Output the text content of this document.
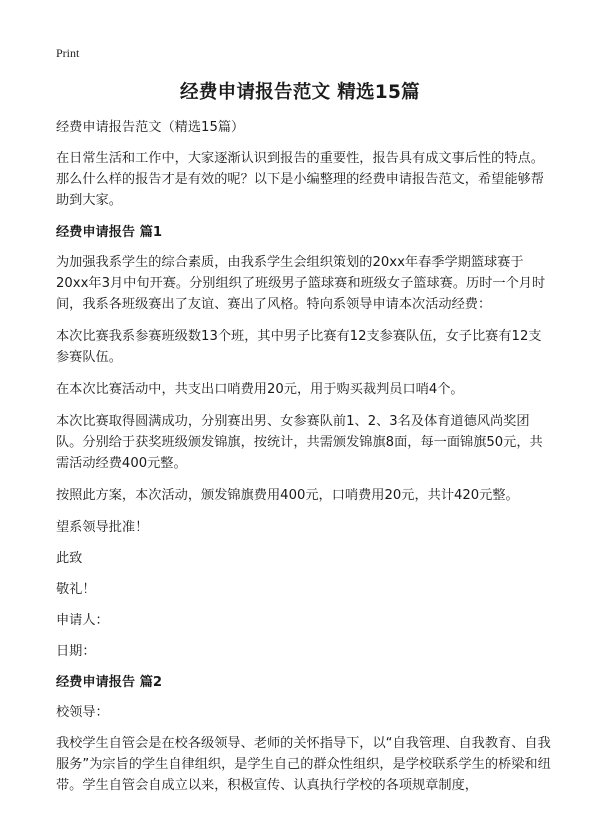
Print
经费申请报告范文 精选15篇

经费申请报告范文（精选15篇）

在日常生活和工作中，大家逐渐认识到报告的重要性，报告具有成文事后性的特点。那么什么样的报告才是有效的呢？以下是小编整理的经费申请报告范文，希望能够帮助到大家。

经费申请报告 篇1

为加强我系学生的综合素质，由我系学生会组织策划的20xx年春季学期篮球赛于20xx年3月中旬开赛。分别组织了班级男子篮球赛和班级女子篮球赛。历时一个月时间，我系各班级赛出了友谊、赛出了风格。特向系领导申请本次活动经费：

本次比赛我系参赛班级数13个班，其中男子比赛有12支参赛队伍，女子比赛有12支参赛队伍。

在本次比赛活动中，共支出口哨费用20元，用于购买裁判员口哨4个。

本次比赛取得圆满成功，分别赛出男、女参赛队前1、2、3名及体育道德风尚奖团队。分别给于获奖班级颁发锦旗，按统计，共需颁发锦旗8面，每一面锦旗50元，共需活动经费400元整。

按照此方案，本次活动，颁发锦旗费用400元，口哨费用20元，共计420元整。

望系领导批准！

此致

敬礼！

申请人：

日期：

经费申请报告 篇2

校领导：

我校学生自管会是在校各级领导、老师的关怀指导下，以“自我管理、自我教育、自我服务”为宗旨的学生自律组织，是学生自己的群众性组织，是学校联系学生的桥梁和纽带。学生自管会自成立以来，积极宣传、认真执行学校的各项规章制度，
